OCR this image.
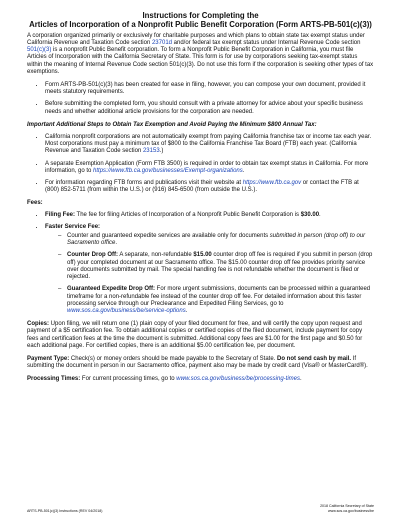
Instructions for Completing the
Articles of Incorporation of a Nonprofit Public Benefit Corporation (Form ARTS-PB-501(c)(3))

A corporation organized primarily or exclusively for charitable purposes and which plans to obtain state tax exempt status under California Revenue and Taxation Code section 23701d and/or federal tax exempt status under Internal Revenue Code section 501(c)(3) is a nonprofit Public Benefit corporation. To form a Nonprofit Public Benefit Corporation in California, you must file Articles of Incorporation with the California Secretary of State. This form is for use by corporations seeking tax-exempt status within the meaning of Internal Revenue Code section 501(c)(3). Do not use this form if the corporation is seeking other types of tax exemptions.

• Form ARTS-PB-501(c)(3) has been created for ease in filing, however, you can compose your own document, provided it meets statutory requirements.
• Before submitting the completed form, you should consult with a private attorney for advice about your specific business needs and whether additional article provisions for the corporation are needed.
Important Additional Steps to Obtain Tax Exemption and Avoid Paying the Minimum $800 Annual Tax:
• California nonprofit corporations are not automatically exempt from paying California franchise tax or income tax each year. Most corporations must pay a minimum tax of $800 to the California Franchise Tax Board (FTB) each year. (California Revenue and Taxation Code section 23153.)
• A separate Exemption Application (Form FTB 3500) is required in order to obtain tax exempt status in California. For more information, go to https://www.ftb.ca.gov/businesses/Exempt-organizations.
• For information regarding FTB forms and publications visit their website at https://www.ftb.ca.gov or contact the FTB at (800) 852-5711 (from within the U.S.) or (916) 845-6500 (from outside the U.S.).
Fees:
• Filing Fee: The fee for filing Articles of Incorporation of a Nonprofit Public Benefit Corporation is $30.00.
• Faster Service Fee:
– Counter and guaranteed expedite services are available only for documents submitted in person (drop off) to our Sacramento office.
– Counter Drop Off: A separate, non-refundable $15.00 counter drop off fee is required if you submit in person (drop off) your completed document at our Sacramento office. The $15.00 counter drop off fee provides priority service over documents submitted by mail. The special handling fee is not refundable whether the document is filed or rejected.
– Guaranteed Expedite Drop Off: For more urgent submissions, documents can be processed within a guaranteed timeframe for a non-refundable fee instead of the counter drop off fee. For detailed information about this faster processing service through our Preclearance and Expedited Filing Services, go to www.sos.ca.gov/business/be/service-options.

Copies: Upon filing, we will return one (1) plain copy of your filed document for free, and will certify the copy upon request and payment of a $5 certification fee. To obtain additional copies or certified copies of the filed document, include payment for copy fees and certification fees at the time the document is submitted. Additional copy fees are $1.00 for the first page and $0.50 for each additional page. For certified copies, there is an additional $5.00 certification fee, per document.

Payment Type: Check(s) or money orders should be made payable to the Secretary of State. Do not send cash by mail. If submitting the document in person in our Sacramento office, payment also may be made by credit card (Visa® or MasterCard®).

Processing Times: For current processing times, go to www.sos.ca.gov/business/be/processing-times.

ARTS-PB-501(c)(3) Instructions (REV 04/2018)
2018 California Secretary of State
www.sos.ca.gov/business/be
